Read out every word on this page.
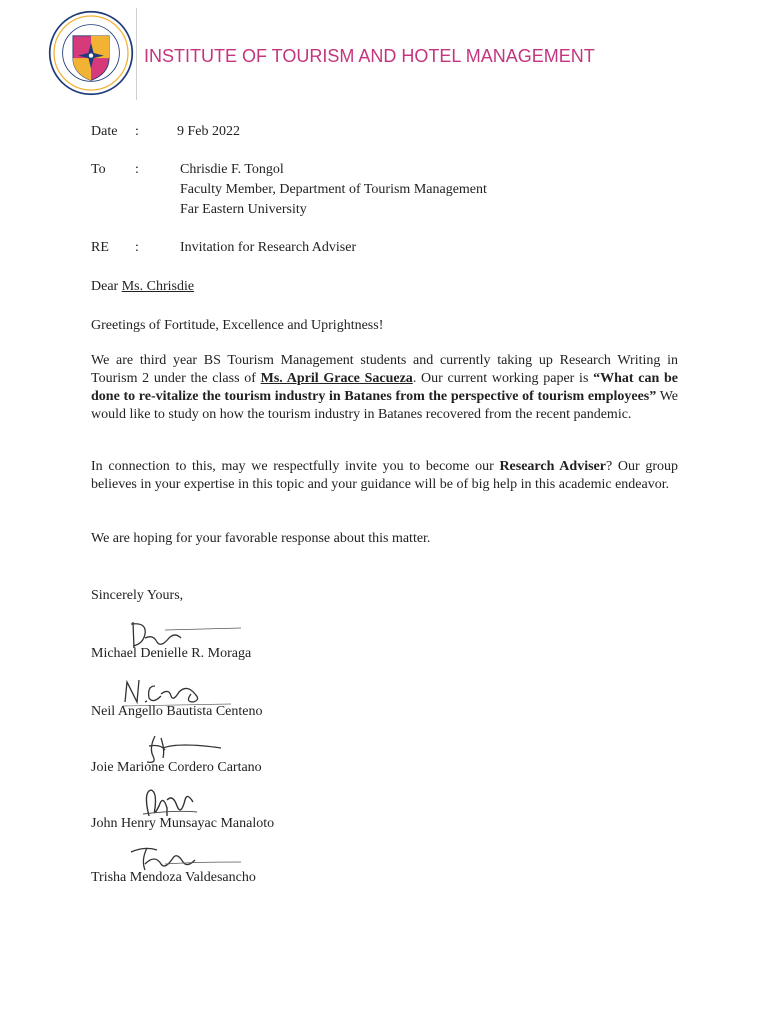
INSTITUTE OF TOURISM AND HOTEL MANAGEMENT
Date :	9 Feb 2022
To :	Chrisdie F. Tongol
Faculty Member, Department of Tourism Management
Far Eastern University
RE :	Invitation for Research Adviser
Dear Ms. Chrisdie
Greetings of Fortitude, Excellence and Uprightness!
We are third year BS Tourism Management students and currently taking up Research Writing in Tourism 2 under the class of Ms. April Grace Sacueza. Our current working paper is “What can be done to re-vitalize the tourism industry in Batanes from the perspective of tourism employees” We would like to study on how the tourism industry in Batanes recovered from the recent pandemic.
In connection to this, may we respectfully invite you to become our Research Adviser? Our group believes in your expertise in this topic and your guidance will be of big help in this academic endeavor.
We are hoping for your favorable response about this matter.
Sincerely Yours,
Michael Denielle R. Moraga
Neil Angello Bautista Centeno
Joie Marione Cordero Cartano
John Henry Munsayac Manaloto
Trisha Mendoza Valdesancho
